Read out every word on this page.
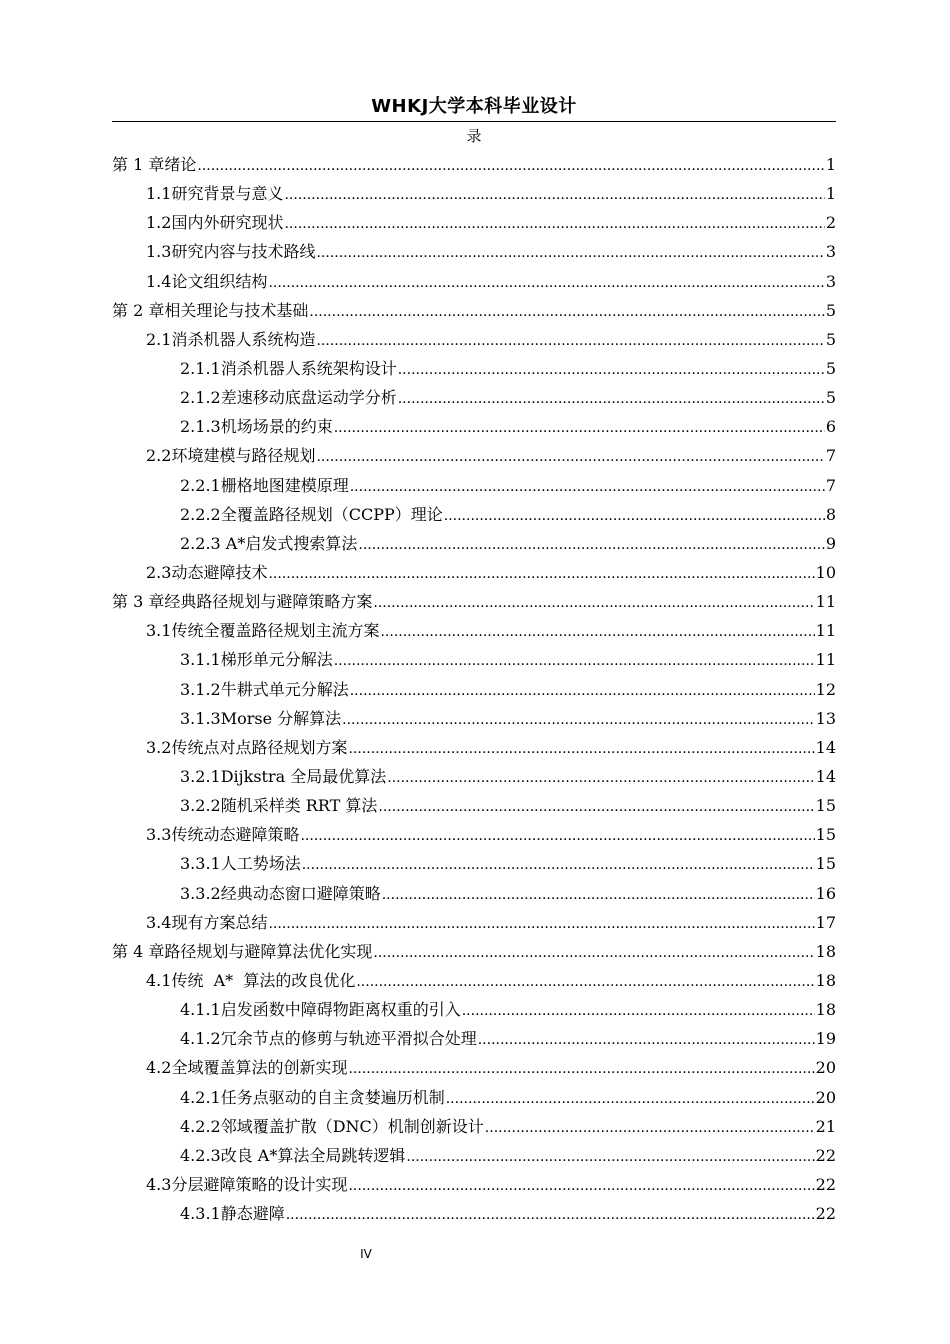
WHKJ大学本科毕业设计
录
第 1 章 绪论 .....	1
1.1 研究背景与意义 .....	1
1.2 国内外研究现状 .....	2
1.3 研究内容与技术路线 .....	3
1.4 论文组织结构 .....	3
第 2 章 相关理论与技术基础 .....	5
2.1 消杀机器人系统构造 .....	5
2.1.1 消杀机器人系统架构设计 .....	5
2.1.2 差速移动底盘运动学分析 .....	5
2.1.3 机场场景的约束 .....	6
2.2 环境建模与路径规划 .....	7
2.2.1 栅格地图建模原理 .....	7
2.2.2 全覆盖路径规划（CCPP）理论 .....	8
2.2.3 A*启发式搜索算法 .....	9
2.3 动态避障技术 .....	10
第 3 章 经典路径规划与避障策略方案 .....	11
3.1 传统全覆盖路径规划主流方案 .....	11
3.1.1 梯形单元分解法 .....	11
3.1.2 牛耕式单元分解法 .....	12
3.1.3 Morse 分解算法 .....	13
3.2 传统点对点路径规划方案 .....	14
3.2.1 Dijkstra 全局最优算法 .....	14
3.2.2 随机采样类 RRT 算法 .....	15
3.3 传统动态避障策略 .....	15
3.3.1 人工势场法 .....	15
3.3.2 经典动态窗口避障策略 .....	16
3.4 现有方案总结 .....	17
第 4 章 路径规划与避障算法优化实现 .....	18
4.1 传统  A*  算法的改良优化 .....	18
4.1.1 启发函数中障碍物距离权重的引入 .....	18
4.1.2 冗余节点的修剪与轨迹平滑拟合处理 .....	19
4.2 全域覆盖算法的创新实现 .....	20
4.2.1 任务点驱动的自主贪婪遍历机制 .....	20
4.2.2 邻域覆盖扩散（DNC）机制创新设计 .....	21
4.2.3 改良 A*算法全局跳转逻辑 .....	22
4.3 分层避障策略的设计实现 .....	22
4.3.1 静态避障 .....	22
IV
